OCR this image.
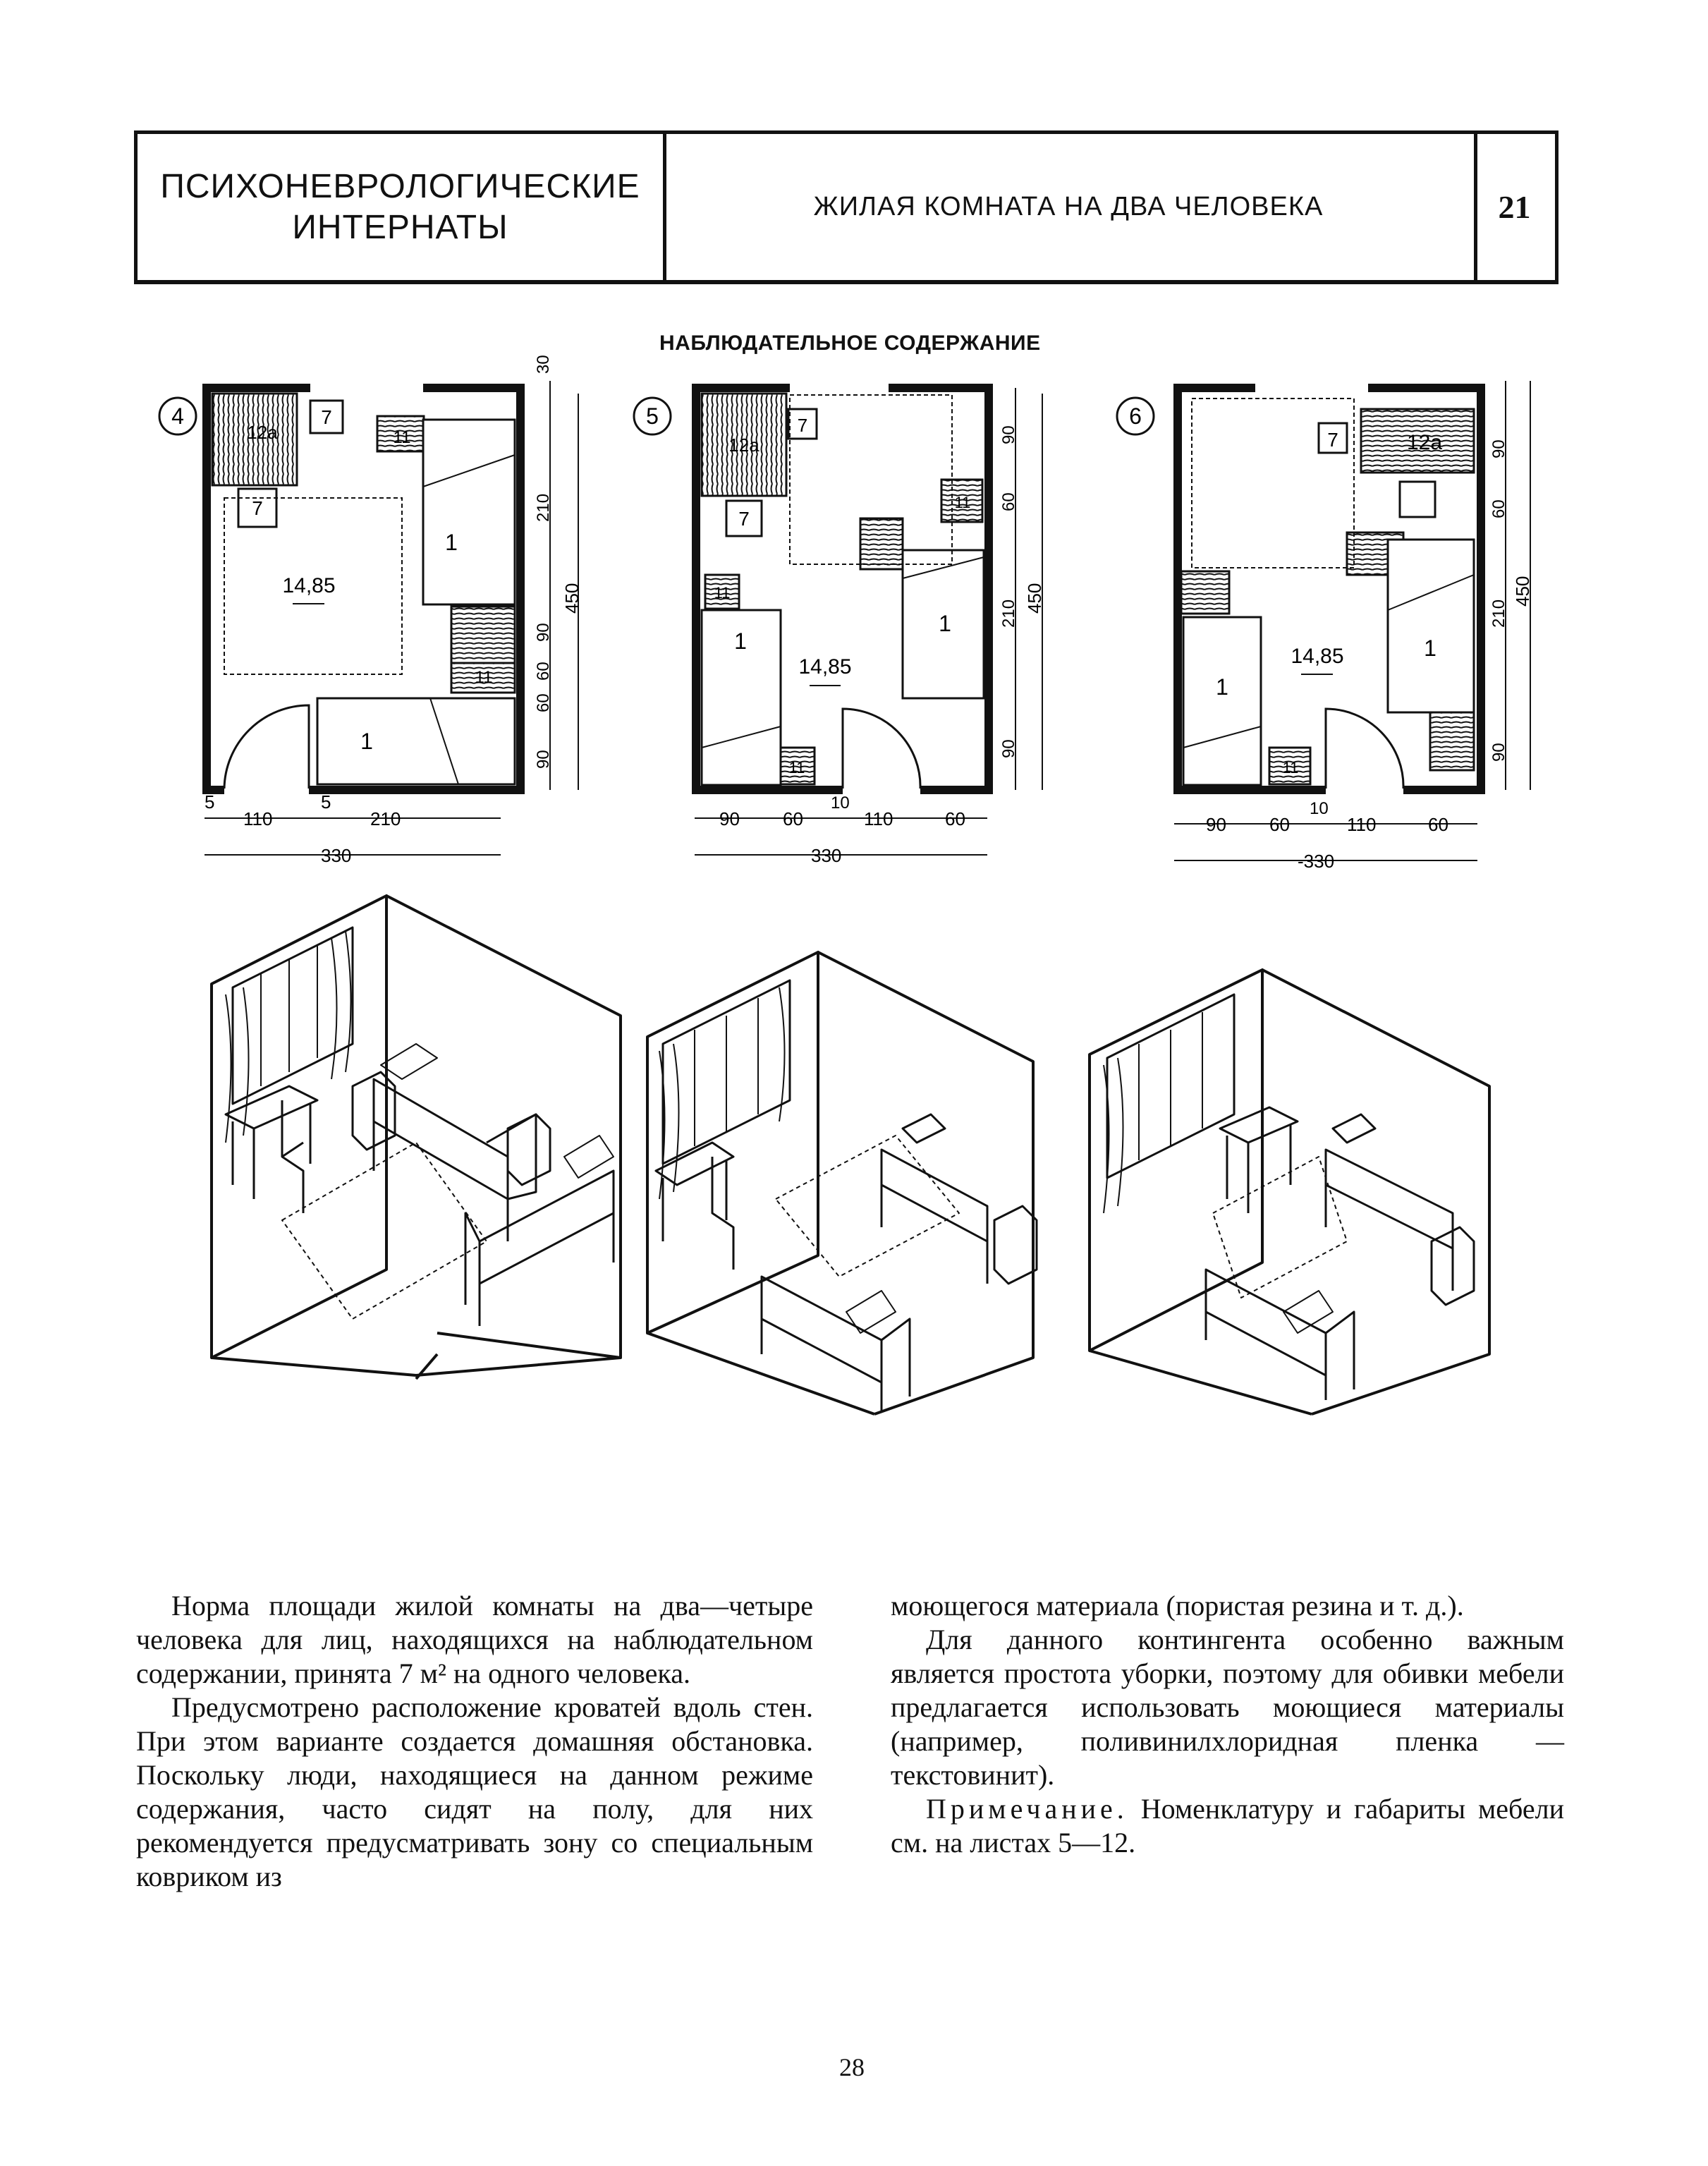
ПСИХОНЕВРОЛОГИЧЕСКИЕ
ИНТЕРНАТЫ
ЖИЛАЯ КОМНАТА НА ДВА ЧЕЛОВЕКА	21
НАБЛЮДАТЕЛЬНОЕ СОДЕРЖАНИЕ
4
12a
7
7
11
11
1
1
14,85
5
110
5
210
330
30
210
90
60
60
90
450
5
12a
7
7
11
11
11
1
1
14,85
90 60
10
110	60
330
90
60
210
90
450
6
7	12a
11
1
1
14,85
90 60
10
110	60
-330
90
60
210
90
450

Норма площади жилой комнаты на два—четыре человека для лиц, находящихся на наблюдательном содержании, принята 7 м² на одного человека.

Предусмотрено расположение кроватей вдоль стен. При этом варианте создается домашняя обстановка. Поскольку люди, находящиеся на данном режиме содержания, часто сидят на полу, для них рекомендуется предусматривать зону со специальным ковриком из

моющегося материала (пористая резина и т. д.).

Для данного контингента особенно важным является простота уборки, поэтому для обивки мебели предлагается использовать моющиеся материалы (например, поливинилхлоридная пленка — текстовинит).

Примечание. Номенклатуру и габариты мебели см. на листах 5—12.

28
